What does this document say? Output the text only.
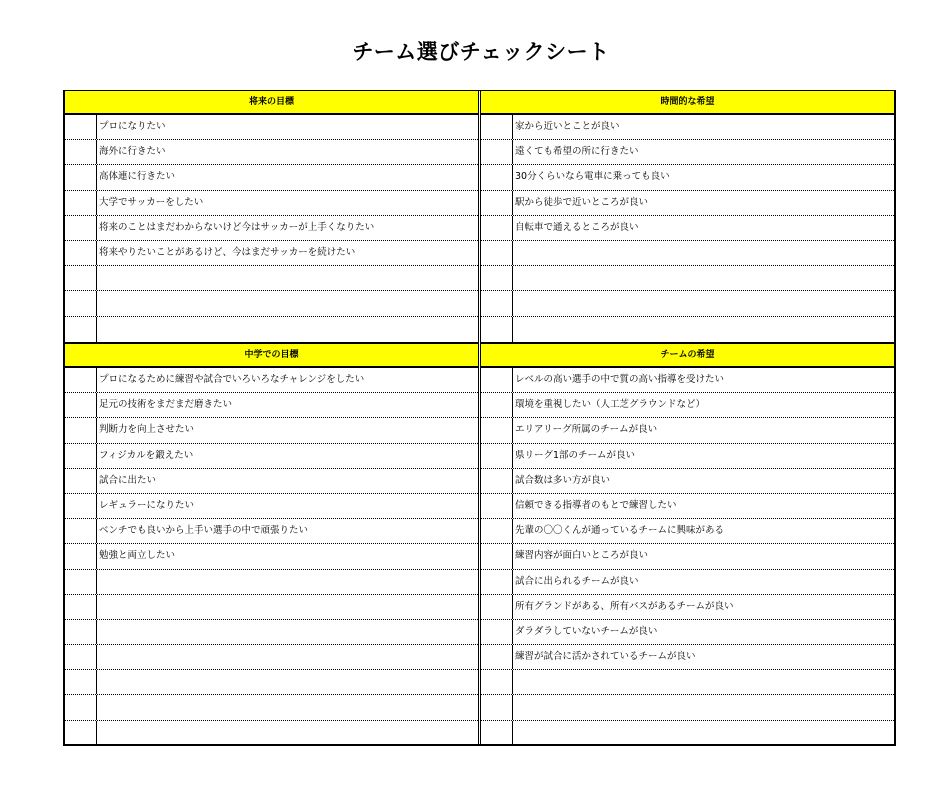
チーム選びチェックシート
将来の目標
プロになりたい
海外に行きたい
高体連に行きたい
大学でサッカーをしたい
将来のことはまだわからないけど今はサッカーが上手くなりたい
将来やりたいことがあるけど、今はまだサッカーを続けたい
中学での目標
プロになるために練習や試合でいろいろなチャレンジをしたい
足元の技術をまだまだ磨きたい
判断力を向上させたい
フィジカルを鍛えたい
試合に出たい
レギュラーになりたい
ベンチでも良いから上手い選手の中で頑張りたい
勉強と両立したい
時間的な希望
家から近いとことが良い
遠くても希望の所に行きたい
30分くらいなら電車に乗っても良い
駅から徒歩で近いところが良い
自転車で通えるところが良い
チームの希望
レベルの高い選手の中で質の高い指導を受けたい
環境を重視したい（人工芝グラウンドなど）
エリアリーグ所属のチームが良い
県リーグ1部のチームが良い
試合数は多い方が良い
信頼できる指導者のもとで練習したい
先輩の〇〇くんが通っているチームに興味がある
練習内容が面白いところが良い
試合に出られるチームが良い
所有グランドがある、所有バスがあるチームが良い
ダラダラしていないチームが良い
練習が試合に活かされているチームが良い
